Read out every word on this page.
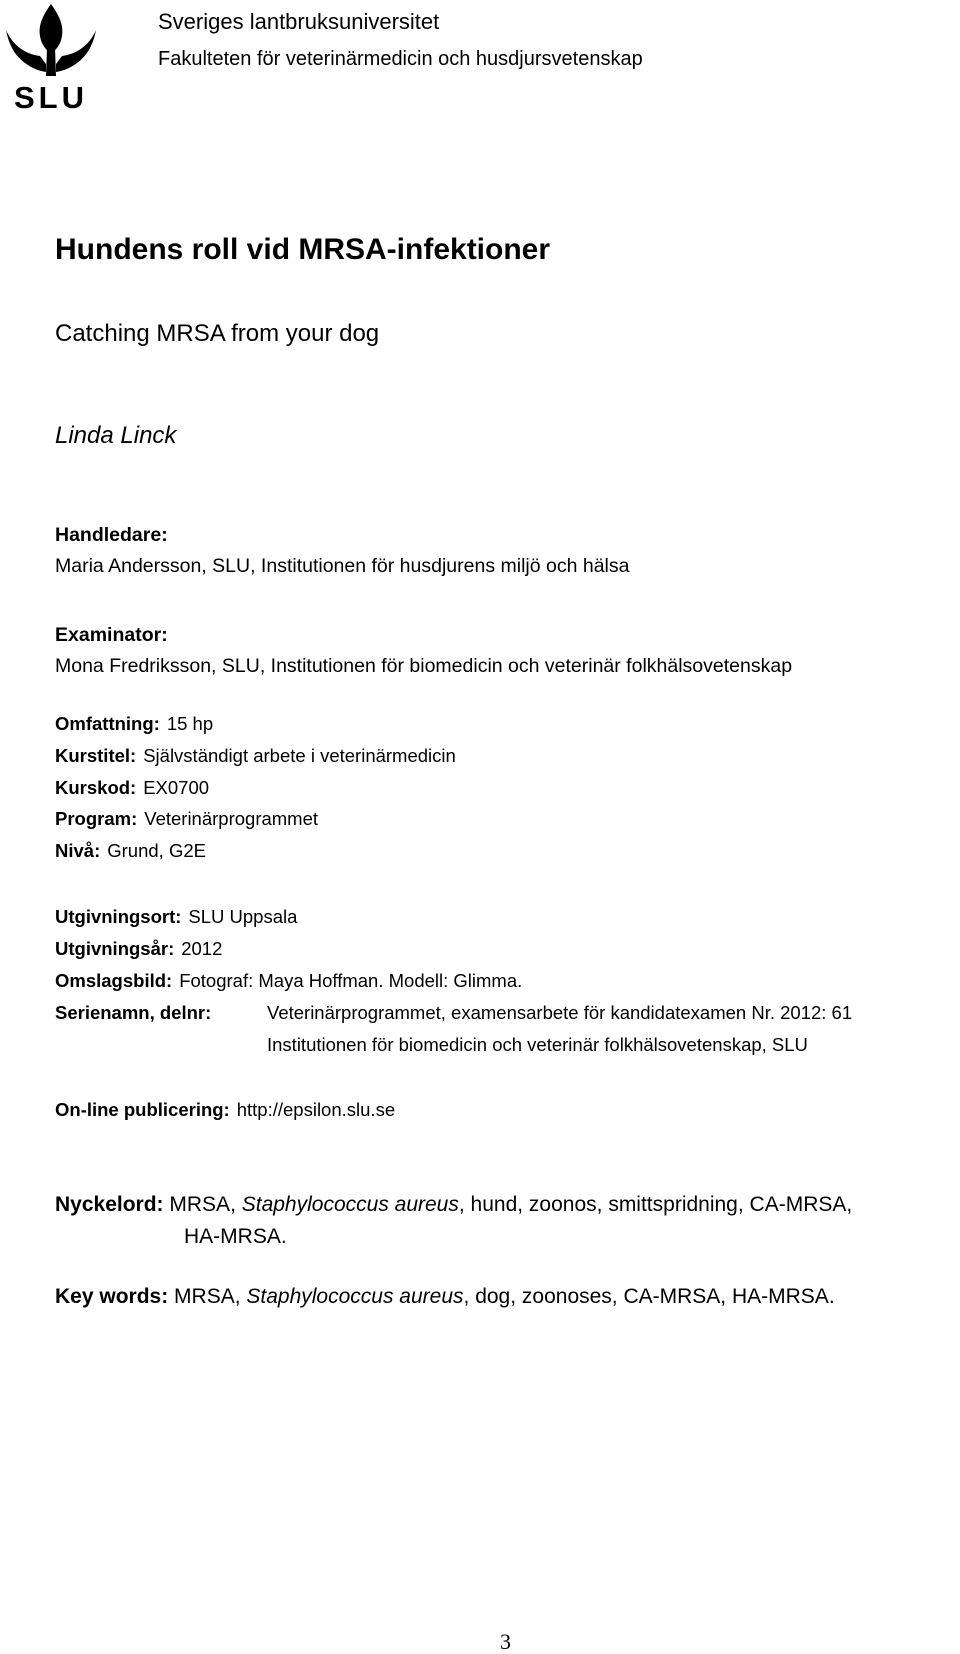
SLU
Sveriges lantbruksuniversitet
Fakulteten för veterinärmedicin och husdjursvetenskap
Hundens roll vid MRSA-infektioner
Catching MRSA from your dog
Linda Linck
Handledare:
Maria Andersson, SLU, Institutionen för husdjurens miljö och hälsa
Examinator:
Mona Fredriksson, SLU, Institutionen för biomedicin och veterinär folkhälsovetenskap
Omfattning: 15 hp
Kurstitel: Självständigt arbete i veterinärmedicin
Kurskod: EX0700
Program: Veterinärprogrammet
Nivå: Grund, G2E
Utgivningsort: SLU Uppsala
Utgivningsår: 2012
Omslagsbild: Fotograf: Maya Hoffman. Modell: Glimma.
Serienamn, delnr:	Veterinärprogrammet, examensarbete för kandidatexamen Nr. 2012: 61
Institutionen för biomedicin och veterinär folkhälsovetenskap, SLU
On-line publicering: http://epsilon.slu.se
Nyckelord: MRSA, Staphylococcus aureus, hund, zoonos, smittspridning, CA-MRSA,
HA-MRSA.
Key words: MRSA, Staphylococcus aureus, dog, zoonoses, CA-MRSA, HA-MRSA.
3
